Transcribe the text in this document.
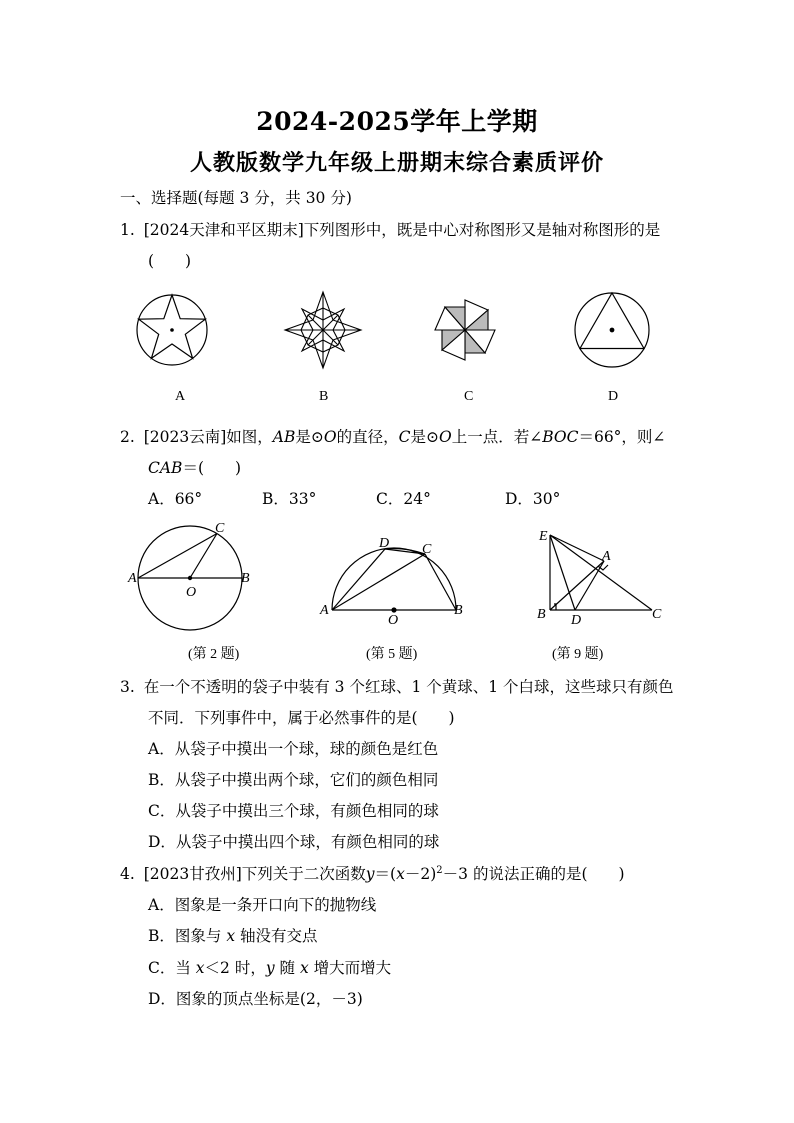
2024-2025学年上学期
人教版数学九年级上册期末综合素质评价
一、选择题(每题 3 分，共 30 分)
1. [2024天津和平区期末]下列图形中，既是中心对称图形又是轴对称图形的是
(　　)
A	B	C	D
2. [2023云南]如图，AB是⊙O的直径，C是⊙O上一点．若∠BOC＝66°，则∠
CAB＝(　　)
A．66°	B．33°	C．24°	D．30°
A	B
C
O
(第 2 题)
A	B
C
D
O
(第 5 题)
E
A
B D	C
(第 9 题)
3. 在一个不透明的袋子中装有 3 个红球、1 个黄球、1 个白球，这些球只有颜色
不同．下列事件中，属于必然事件的是(　　)
A．从袋子中摸出一个球，球的颜色是红色
B．从袋子中摸出两个球，它们的颜色相同
C．从袋子中摸出三个球，有颜色相同的球
D．从袋子中摸出四个球，有颜色相同的球
4. [2023甘孜州]下列关于二次函数$y=(x-2)^2-3$ 的说法正确的是(　　)
A．图象是一条开口向下的抛物线
B．图象与 x 轴没有交点
C．当 x＜2 时，y 随 x 增大而增大
D．图象的顶点坐标是(2，－3)
